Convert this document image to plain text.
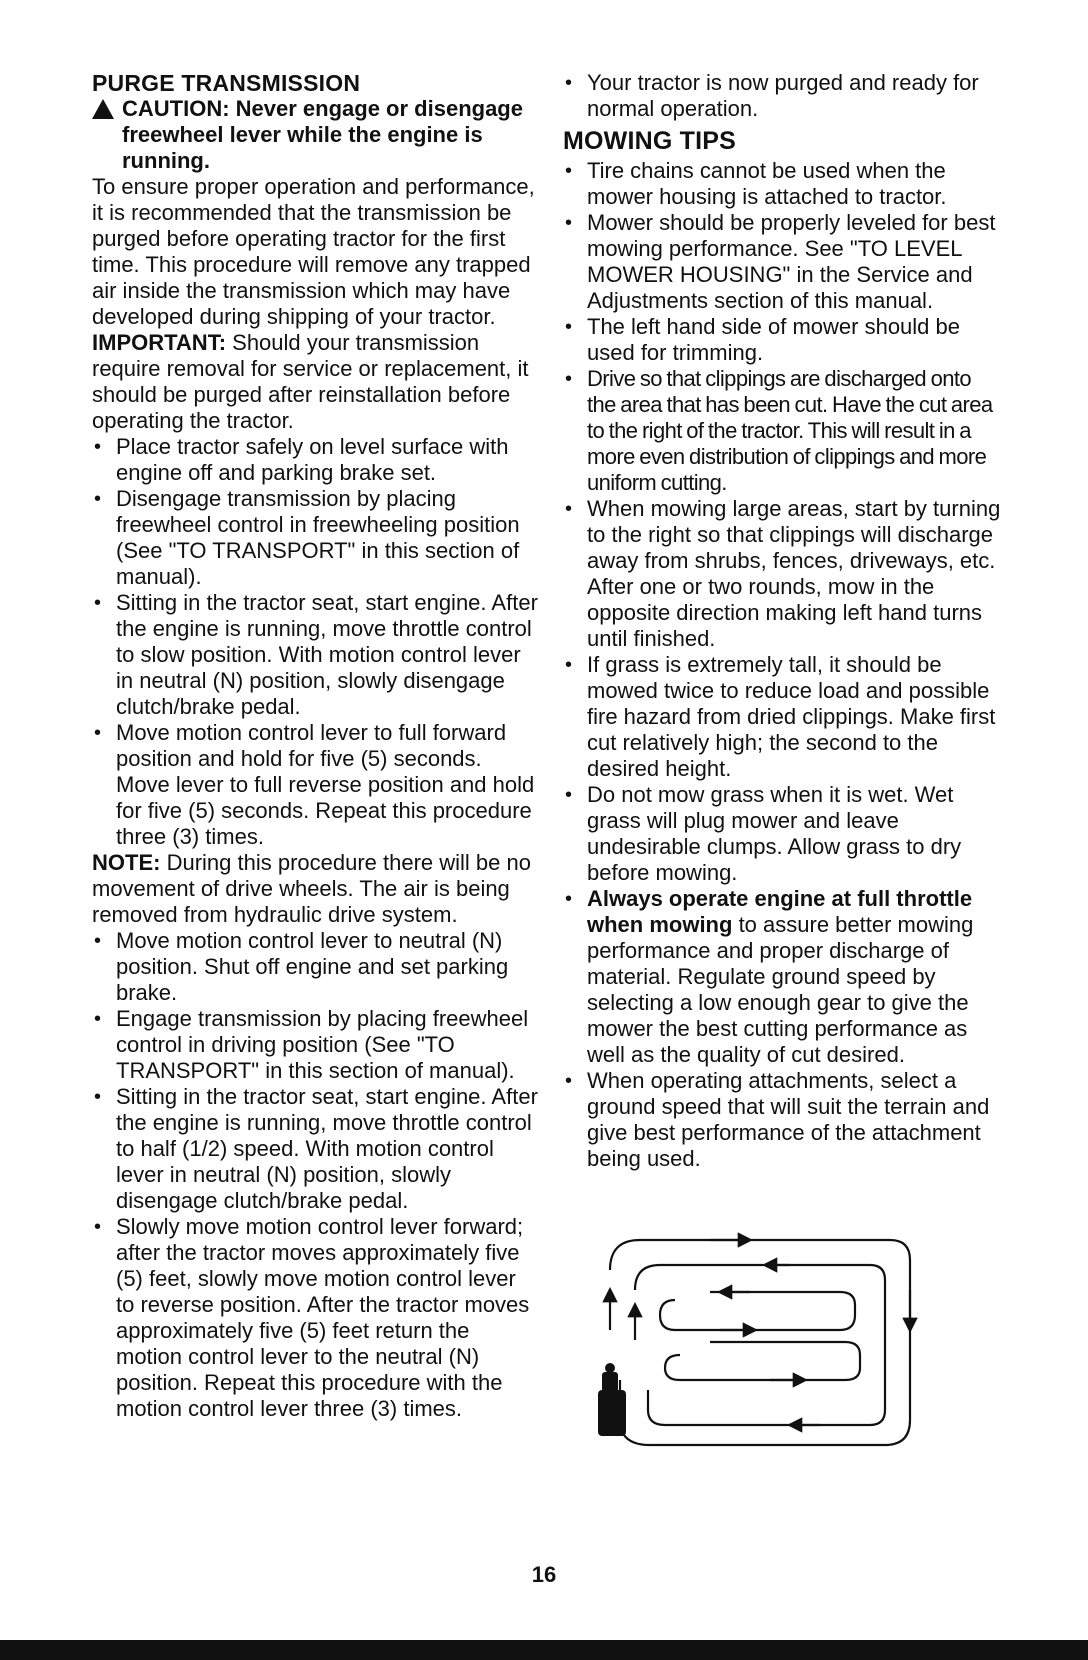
PURGE TRANSMISSION

CAUTION: Never engage or disengage freewheel lever while the engine is running.

To ensure proper operation and performance, it is recommended that the transmission be purged before operating tractor for the first time. This procedure will remove any trapped air inside the transmission which may have developed during shipping of your tractor.

IMPORTANT: Should your transmission require removal for service or replacement, it should be purged after reinstallation before operating the tractor.

• Place tractor safely on level surface with engine off and parking brake set.
• Disengage transmission by placing freewheel control in freewheeling position (See "TO TRANSPORT" in this section of manual).
• Sitting in the tractor seat, start engine. After the engine is running, move throttle control to slow position. With motion control lever in neutral (N) position, slowly disengage clutch/brake pedal.
• Move motion control lever to full forward position and hold for five (5) seconds. Move lever to full reverse position and hold for five (5) seconds. Repeat this procedure three (3) times.

NOTE: During this procedure there will be no movement of drive wheels. The air is being removed from hydraulic drive system.

• Move motion control lever to neutral (N) position. Shut off engine and set parking brake.
• Engage transmission by placing freewheel control in driving position (See "TO TRANSPORT" in this section of manual).
• Sitting in the tractor seat, start engine. After the engine is running, move throttle control to half (1/2) speed. With motion control lever in neutral (N) position, slowly disengage clutch/brake pedal.
• Slowly move motion control lever forward; after the tractor moves approximately five (5) feet, slowly move motion control lever to reverse position. After the tractor moves approximately five (5) feet return the motion control lever to the neutral (N) position. Repeat this procedure with the motion control lever three (3) times.
• Your tractor is now purged and ready for normal operation.
MOWING TIPS
• Tire chains cannot be used when the mower housing is attached to tractor.
• Mower should be properly leveled for best mowing performance. See "TO LEVEL MOWER HOUSING" in the Service and Adjustments section of this manual.
• The left hand side of mower should be used for trimming.
• Drive so that clippings are discharged onto the area that has been cut. Have the cut area to the right of the tractor. This will result in a more even distribution of clippings and more uniform cutting.
• When mowing large areas, start by turning to the right so that clippings will discharge away from shrubs, fences, driveways, etc. After one or two rounds, mow in the opposite direction making left hand turns until finished.
• If grass is extremely tall, it should be mowed twice to reduce load and possible fire hazard from dried clippings. Make first cut relatively high; the second to the desired height.
• Do not mow grass when it is wet. Wet grass will plug mower and leave undesirable clumps. Allow grass to dry before mowing.
• Always operate engine at full throttle when mowing to assure better mowing performance and proper discharge of material. Regulate ground speed by selecting a low enough gear to give the mower the best cutting performance as well as the quality of cut desired.
• When operating attachments, select a ground speed that will suit the terrain and give best performance of the attachment being used.
16
